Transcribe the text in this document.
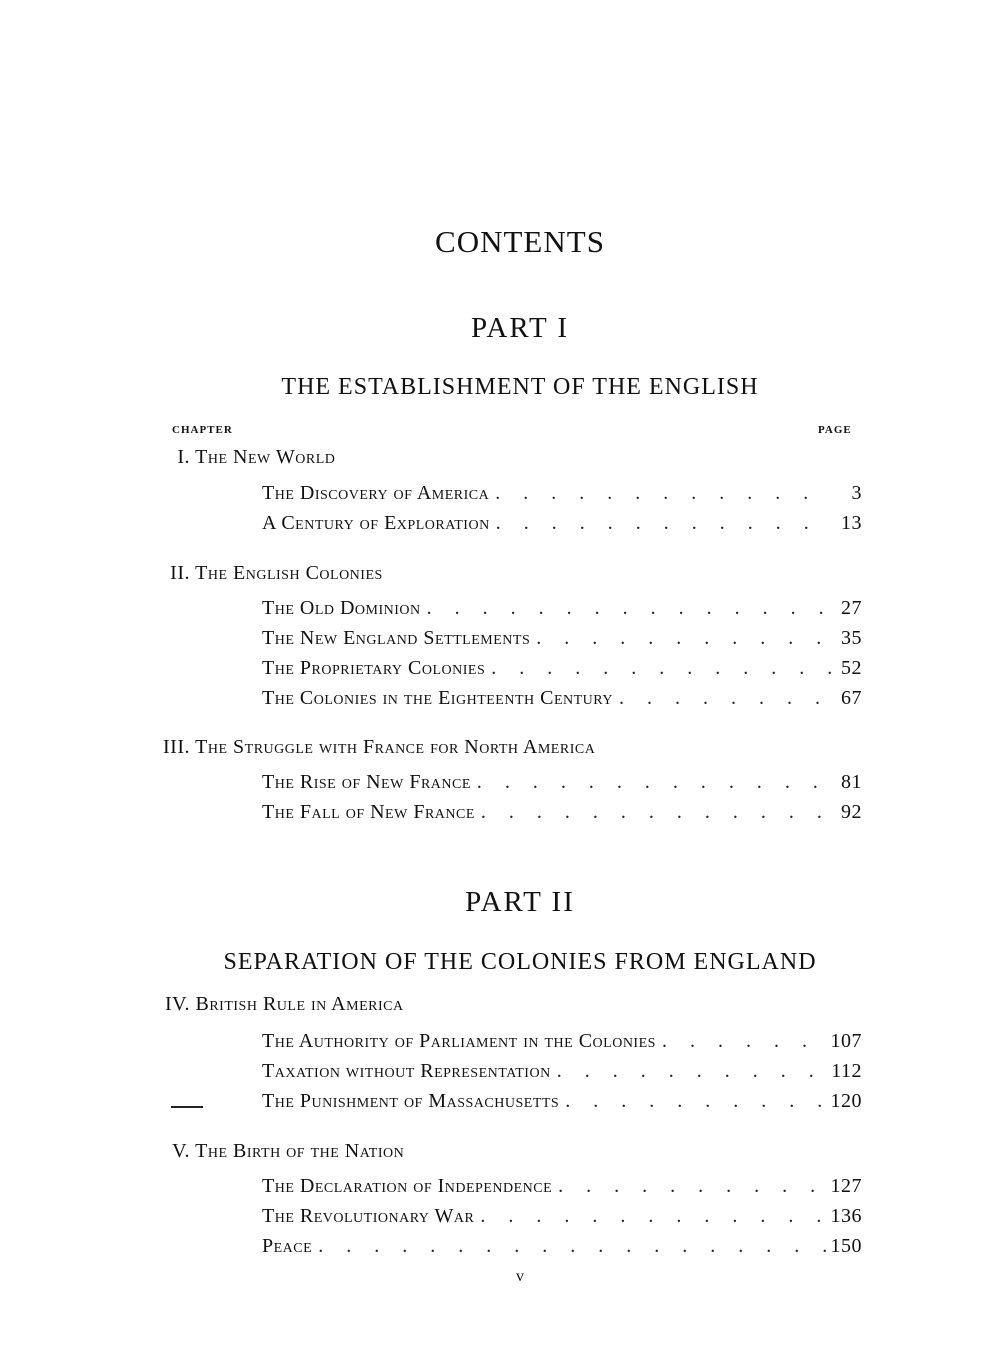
CONTENTS
PART I
THE ESTABLISHMENT OF THE ENGLISH
CHAPTER	PAGE
I. The New World
The Discovery of America . . .	3
A Century of Exploration . . .	13
II. The English Colonies
The Old Dominion . . .	27
The New England Settlements . . .	35
The Proprietary Colonies . . .	52
The Colonies in the Eighteenth Century . . .	67
III. The Struggle with France for North America
The Rise of New France . . .	81
The Fall of New France . . .	92
PART II
SEPARATION OF THE COLONIES FROM ENGLAND
IV. British Rule in America
The Authority of Parliament in the Colonies . . .	107
Taxation without Representation . . .	112
The Punishment of Massachusetts . . .	120
V. The Birth of the Nation
The Declaration of Independence . . .	127
The Revolutionary War . . .	136
Peace . . .	150
v
